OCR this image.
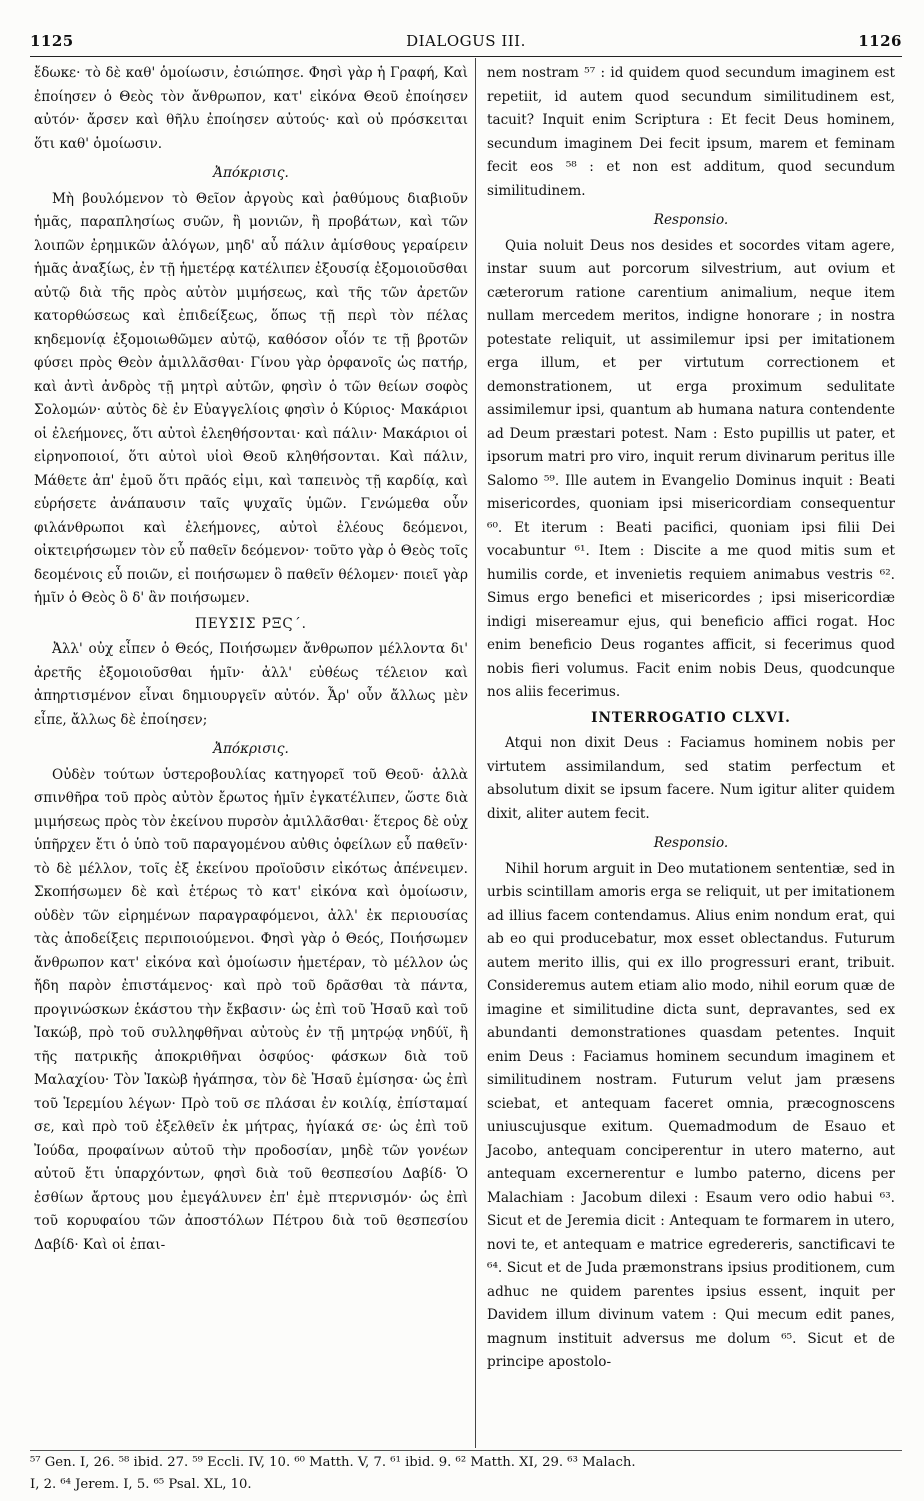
1125	DIALOGUS III.	1126

ἔδωκε· τὸ δὲ καθ' ὁμοίωσιν, ἐσιώπησε. Φησὶ γὰρ ἡ Γραφή, Καὶ ἐποίησεν ὁ Θεὸς τὸν ἄνθρωπον, κατ' εἰκόνα Θεοῦ ἐποίησεν αὐτόν· ἄρσεν καὶ θῆλυ ἐποίησεν αὐτούς· καὶ οὐ πρόσκειται ὅτι καθ' ὁμοίωσιν.

Ἀπόκρισις.

Μὴ βουλόμενον τὸ Θεῖον ἀργοὺς καὶ ῥαθύμους διαβιοῦν ἡμᾶς, παραπλησίως συῶν, ἢ μονιῶν, ἢ προβάτων, καὶ τῶν λοιπῶν ἐρημικῶν ἀλόγων, μηδ' αὖ πάλιν ἀμίσθους γεραίρειν ἡμᾶς ἀναξίως, ἐν τῇ ἡμετέρᾳ κατέλιπεν ἐξουσίᾳ ἐξομοιοῦσθαι αὐτῷ διὰ τῆς πρὸς αὐτὸν μιμήσεως, καὶ τῆς τῶν ἀρετῶν κατορθώσεως καὶ ἐπιδείξεως, ὅπως τῇ περὶ τὸν πέλας κηδεμονίᾳ ἐξομοιωθῶμεν αὐτῷ, καθόσον οἷόν τε τῇ βροτῶν φύσει πρὸς Θεὸν ἀμιλλᾶσθαι· Γίνου γὰρ ὀρφανοῖς ὡς πατήρ, καὶ ἀντὶ ἀνδρὸς τῇ μητρὶ αὐτῶν, φησὶν ὁ τῶν θείων σοφὸς Σολομών· αὐτὸς δὲ ἐν Εὐαγγελίοις φησὶν ὁ Κύριος· Μακάριοι οἱ ἐλεήμονες, ὅτι αὐτοὶ ἐλεηθήσονται· καὶ πάλιν· Μακάριοι οἱ εἰρηνοποιοί, ὅτι αὐτοὶ υἱοὶ Θεοῦ κληθήσονται. Καὶ πάλιν, Μάθετε ἀπ' ἐμοῦ ὅτι πρᾶός εἰμι, καὶ ταπεινὸς τῇ καρδίᾳ, καὶ εὑρήσετε ἀνάπαυσιν ταῖς ψυχαῖς ὑμῶν. Γενώμεθα οὖν φιλάνθρωποι καὶ ἐλεήμονες, αὐτοὶ ἐλέους δεόμενοι, οἰκτειρήσωμεν τὸν εὖ παθεῖν δεόμενον· τοῦτο γὰρ ὁ Θεὸς τοῖς δεομένοις εὖ ποιῶν, εἰ ποιήσωμεν ὃ παθεῖν θέλομεν· ποιεῖ γὰρ ἡμῖν ὁ Θεὸς ὃ δ' ἂν ποιήσωμεν.

ΠΕΥΣΙΣ ΡΞϚ΄.

Ἀλλ' οὐχ εἶπεν ὁ Θεός, Ποιήσωμεν ἄνθρωπον μέλλοντα δι' ἀρετῆς ἐξομοιοῦσθαι ἡμῖν· ἀλλ' εὐθέως τέλειον καὶ ἀπηρτισμένον εἶναι δημιουργεῖν αὐτόν. Ἆρ' οὖν ἄλλως μὲν εἶπε, ἄλλως δὲ ἐποίησεν;

Ἀπόκρισις.

Οὐδὲν τούτων ὑστεροβουλίας κατηγορεῖ τοῦ Θεοῦ· ἀλλὰ σπινθῆρα τοῦ πρὸς αὐτὸν ἔρωτος ἡμῖν ἐγκατέλιπεν, ὥστε διὰ μιμήσεως πρὸς τὸν ἐκείνου πυρσὸν ἀμιλλᾶσθαι· ἕτερος δὲ οὐχ ὑπῆρχεν ἔτι ὁ ὑπὸ τοῦ παραγομένου αὐθις ὀφείλων εὖ παθεῖν· τὸ δὲ μέλλον, τοῖς ἐξ ἐκείνου προϊοῦσιν εἰκότως ἀπένειμεν. Σκοπήσωμεν δὲ καὶ ἑτέρως τὸ κατ' εἰκόνα καὶ ὁμοίωσιν, οὐδὲν τῶν εἰρημένων παραγραφόμενοι, ἀλλ' ἐκ περιουσίας τὰς ἀποδείξεις περιποιούμενοι. Φησὶ γὰρ ὁ Θεός, Ποιήσωμεν ἄνθρωπον κατ' εἰκόνα καὶ ὁμοίωσιν ἡμετέραν, τὸ μέλλον ὡς ἤδη παρὸν ἐπιστάμενος· καὶ πρὸ τοῦ δρᾶσθαι τὰ πάντα, προγινώσκων ἑκάστου τὴν ἔκβασιν· ὡς ἐπὶ τοῦ Ἠσαῦ καὶ τοῦ Ἰακώβ, πρὸ τοῦ συλληφθῆναι αὐτοὺς ἐν τῇ μητρῴᾳ νηδύϊ, ἢ τῆς πατρικῆς ἀποκριθῆναι ὀσφύος· φάσκων διὰ τοῦ Μαλαχίου· Τὸν Ἰακὼβ ἠγάπησα, τὸν δὲ Ἠσαῦ ἐμίσησα· ὡς ἐπὶ τοῦ Ἱερεμίου λέγων· Πρὸ τοῦ σε πλάσαι ἐν κοιλίᾳ, ἐπίσταμαί σε, καὶ πρὸ τοῦ ἐξελθεῖν ἐκ μήτρας, ἡγίακά σε· ὡς ἐπὶ τοῦ Ἰούδα, προφαίνων αὐτοῦ τὴν προδοσίαν, μηδὲ τῶν γονέων αὐτοῦ ἔτι ὑπαρχόντων, φησὶ διὰ τοῦ θεσπεσίου Δαβίδ· Ὁ ἐσθίων ἄρτους μου ἐμεγάλυνεν ἐπ' ἐμὲ πτερνισμόν· ὡς ἐπὶ τοῦ κορυφαίου τῶν ἀποστόλων Πέτρου διὰ τοῦ θεσπεσίου Δαβίδ· Καὶ οἱ ἐπαι-

nem nostram ⁵⁷ : id quidem quod secundum imaginem est repetiit, id autem quod secundum similitudinem est, tacuit? Inquit enim Scriptura : Et fecit Deus hominem, secundum imaginem Dei fecit ipsum, marem et feminam fecit eos ⁵⁸ : et non est additum, quod secundum similitudinem.

Responsio.

Quia noluit Deus nos desides et socordes vitam agere, instar suum aut porcorum silvestrium, aut ovium et cæterorum ratione carentium animalium, neque item nullam mercedem meritos, indigne honorare ; in nostra potestate reliquit, ut assimilemur ipsi per imitationem erga illum, et per virtutum correctionem et demonstrationem, ut erga proximum sedulitate assimilemur ipsi, quantum ab humana natura contendente ad Deum præstari potest. Nam : Esto pupillis ut pater, et ipsorum matri pro viro, inquit rerum divinarum peritus ille Salomo ⁵⁹. Ille autem in Evangelio Dominus inquit : Beati misericordes, quoniam ipsi misericordiam consequentur ⁶⁰. Et iterum : Beati pacifici, quoniam ipsi filii Dei vocabuntur ⁶¹. Item : Discite a me quod mitis sum et humilis corde, et invenietis requiem animabus vestris ⁶². Simus ergo benefici et misericordes ; ipsi misericordiæ indigi misereamur ejus, qui beneficio affici rogat. Hoc enim beneficio Deus rogantes afficit, si fecerimus quod nobis fieri volumus. Facit enim nobis Deus, quodcunque nos aliis fecerimus.

INTERROGATIO CLXVI.

Atqui non dixit Deus : Faciamus hominem nobis per virtutem assimilandum, sed statim perfectum et absolutum dixit se ipsum facere. Num igitur aliter quidem dixit, aliter autem fecit.

Responsio.

Nihil horum arguit in Deo mutationem sententiæ, sed in urbis scintillam amoris erga se reliquit, ut per imitationem ad illius facem contendamus. Alius enim nondum erat, qui ab eo qui producebatur, mox esset oblectandus. Futurum autem merito illis, qui ex illo progressuri erant, tribuit. Consideremus autem etiam alio modo, nihil eorum quæ de imagine et similitudine dicta sunt, depravantes, sed ex abundanti demonstrationes quasdam petentes. Inquit enim Deus : Faciamus hominem secundum imaginem et similitudinem nostram. Futurum velut jam præsens sciebat, et antequam faceret omnia, præcognoscens uniuscujusque exitum. Quemadmodum de Esauo et Jacobo, antequam conciperentur in utero materno, aut antequam excernerentur e lumbo paterno, dicens per Malachiam : Jacobum dilexi : Esaum vero odio habui ⁶³. Sicut et de Jeremia dicit : Antequam te formarem in utero, novi te, et antequam e matrice egredereris, sanctificavi te ⁶⁴. Sicut et de Juda præmonstrans ipsius proditionem, cum adhuc ne quidem parentes ipsius essent, inquit per Davidem illum divinum vatem : Qui mecum edit panes, magnum instituit adversus me dolum ⁶⁵. Sicut et de principe apostolo-

⁵⁷ Gen. I, 26. ⁵⁸ ibid. 27. ⁵⁹ Eccli. IV, 10. ⁶⁰ Matth. V, 7. ⁶¹ ibid. 9. ⁶² Matth. XI, 29. ⁶³ Malach.

I, 2. ⁶⁴ Jerem. I, 5. ⁶⁵ Psal. XL, 10.
